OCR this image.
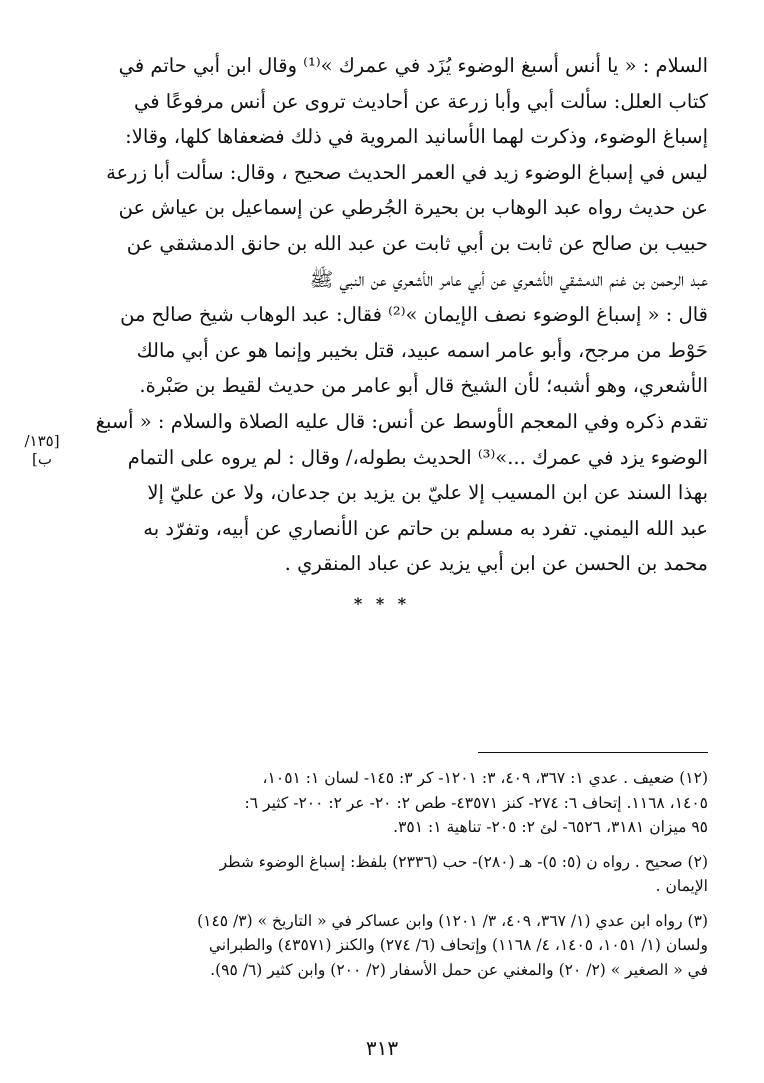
السلام : « يا أنس أسبغ الوضوء يُزَد في عمرك »⁽¹⁾ وقال ابن أبي حاتم في
كتاب العلل: سألت أبي وأبا زرعة عن أحاديث تروى عن أنس مرفوعًا في
إسباغ الوضوء، وذكرت لهما الأسانيد المروية في ذلك فضعفاها كلها، وقالا:
ليس في إسباغ الوضوء زيد في العمر الحديث صحيح ، وقال: سألت أبا زرعة
عن حديث رواه عبد الوهاب بن بحيرة الجُرطي عن إسماعيل بن عياش عن
حبيب بن صالح عن ثابت بن أبي ثابت عن عبد الله بن حانق الدمشقي عن
عبد الرحمن بن غنم الدمشقي الأشعري عن أبي عامر الأشعري عن النبي ﷺ
قال : « إسباغ الوضوء نصف الإيمان »⁽²⁾ فقال: عبد الوهاب شيخ صالح من
حَوْط من مرجح، وأبو عامر اسمه عبيد، قتل بخيبر وإنما هو عن أبي مالك
الأشعري، وهو أشبه؛ لأن الشيخ قال أبو عامر من حديث لقيط بن صَبْرة.
تقدم ذكره وفي المعجم الأوسط عن أنس: قال عليه الصلاة والسلام : « أسبغ
الوضوء يزد في عمرك ...»⁽³⁾ الحديث بطوله،/ وقال : لم يروه على التمام
بهذا السند عن ابن المسيب إلا عليّ بن يزيد بن جدعان، ولا عن عليّ إلا
عبد الله اليمني. تفرد به مسلم بن حاتم عن الأنصاري عن أبيه، وتفرّد به
محمد بن الحسن عن ابن أبي يزيد عن عباد المنقري .
[١٣٥/ ب]
* * *
(١٢) ضعيف . عدي ١: ٣٦٧، ٤٠٩، ٣: ١٢٠١- كر ٣: ١٤٥- لسان ١: ١٠٥١،
١٤٠٥، ١١٦٨. إتحاف ٦: ٢٧٤- كنز ٤٣٥٧١- طص ٢: ٢٠- عر ٢: ٢٠٠- كثير ٦:
٩٥ ميزان ٣١٨١، ٦٥٢٦- لئ ٢: ٢٠٥- تناهية ١: ٣٥١.
(٢) صحيح . رواه ن (٥: ٥)- هـ (٢٨٠)- حب (٢٣٣٦) بلفظ: إسباغ الوضوء شطر
الإيمان .
(٣) رواه ابن عدي (١/ ٣٦٧، ٤٠٩، ٣/ ١٢٠١) وابن عساكر في « التاريخ » (٣/ ١٤٥)
ولسان (١/ ١٠٥١، ١٤٠٥، ٤/ ١١٦٨) وإتحاف (٦/ ٢٧٤) والكنز (٤٣٥٧١) والطبراني
في « الصغير » (٢/ ٢٠) والمغني عن حمل الأسفار (٢/ ٢٠٠) وابن كثير (٦/ ٩٥).
٣١٣
